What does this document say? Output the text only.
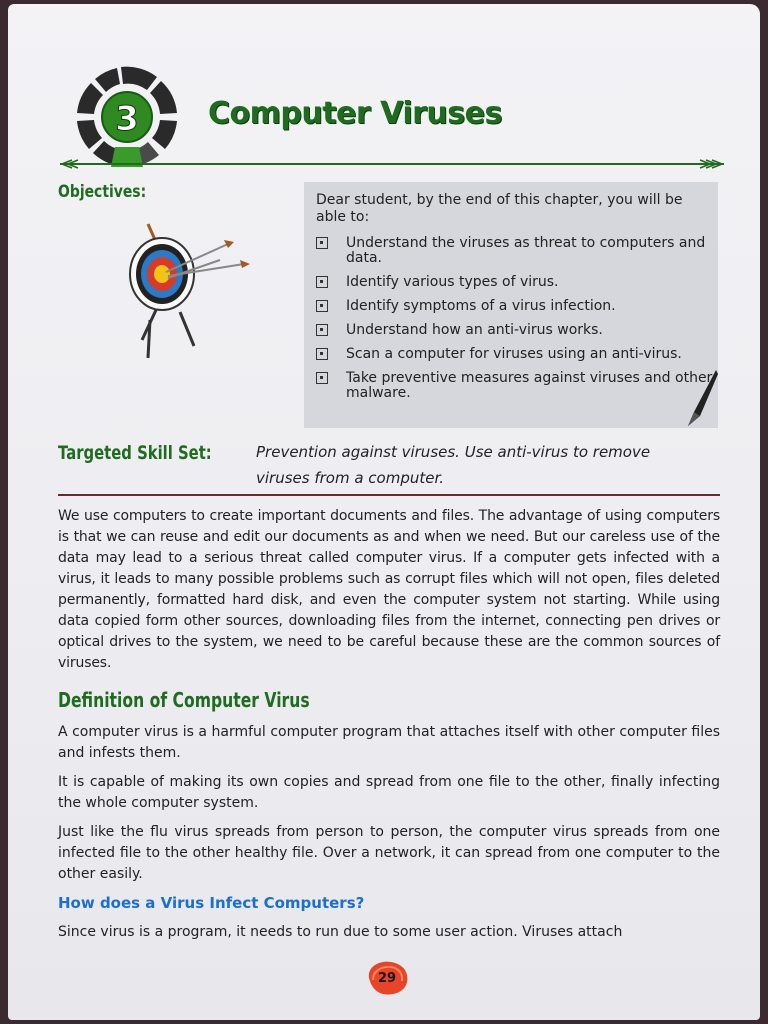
3 Computer Viruses
Objectives:	Dear student, by the end of this chapter, you will be able to:
Understand the viruses as threat to computers and data.
Identify various types of virus.
Identify symptoms of a virus infection.
Understand how an anti-virus works.
Scan a computer for viruses using an anti-virus.
Take preventive measures against viruses and other malware.
Targeted Skill Set:	Prevention against viruses. Use anti-virus to remove viruses from a computer.

We use computers to create important documents and files. The advantage of using computers is that we can reuse and edit our documents as and when we need. But our careless use of the data may lead to a serious threat called computer virus. If a computer gets infected with a virus, it leads to many possible problems such as corrupt files which will not open, files deleted permanently, formatted hard disk, and even the computer system not starting. While using data copied form other sources, downloading files from the internet, connecting pen drives or optical drives to the system, we need to be careful because these are the common sources of viruses.

Definition of Computer Virus

A computer virus is a harmful computer program that attaches itself with other computer files and infests them.

It is capable of making its own copies and spread from one file to the other, finally infecting the whole computer system.

Just like the flu virus spreads from person to person, the computer virus spreads from one infected file to the other healthy file. Over a network, it can spread from one computer to the other easily.

How does a Virus Infect Computers?

Since virus is a program, it needs to run due to some user action. Viruses attach

29
